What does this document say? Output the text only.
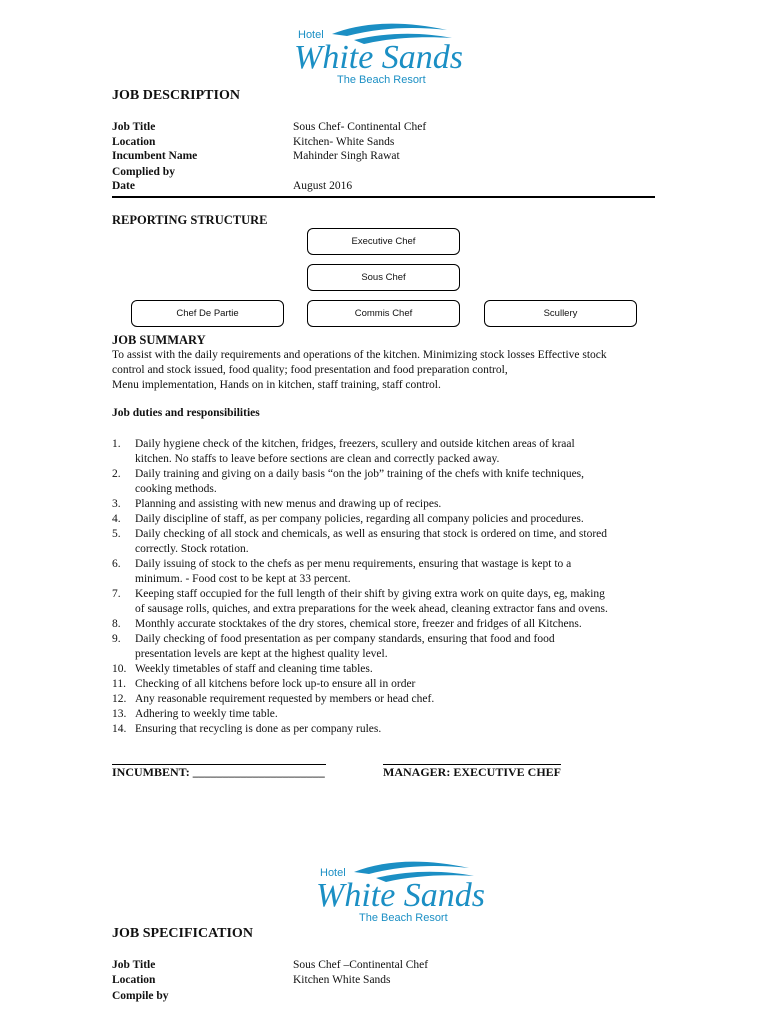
Hotel
White Sands
The Beach Resort
JOB DESCRIPTION
Job Title	Sous Chef- Continental Chef
Location	Kitchen- White Sands
Incumbent Name	Mahinder Singh Rawat
Complied by
Date	August 2016
REPORTING STRUCTURE
Executive Chef
Sous Chef
Chef De Partie	Commis Chef	Scullery
JOB SUMMARY
To assist with the daily requirements and operations of the kitchen. Minimizing stock losses Effective stock
control and stock issued, food quality; food presentation and food preparation control,
Menu implementation, Hands on in kitchen, staff training, staff control.
Job duties and responsibilities
1. Daily hygiene check of the kitchen, fridges, freezers, scullery and outside kitchen areas of kraal
kitchen. No staffs to leave before sections are clean and correctly packed away.
2. Daily training and giving on a daily basis “on the job” training of the chefs with knife techniques,
cooking methods.
3. Planning and assisting with new menus and drawing up of recipes.
4. Daily discipline of staff, as per company policies, regarding all company policies and procedures.
5. Daily checking of all stock and chemicals, as well as ensuring that stock is ordered on time, and stored
correctly. Stock rotation.
6. Daily issuing of stock to the chefs as per menu requirements, ensuring that wastage is kept to a
minimum. - Food cost to be kept at 33 percent.
7. Keeping staff occupied for the full length of their shift by giving extra work on quite days, eg, making
of sausage rolls, quiches, and extra preparations for the week ahead, cleaning extractor fans and ovens.
8. Monthly accurate stocktakes of the dry stores, chemical store, freezer and fridges of all Kitchens.
9. Daily checking of food presentation as per company standards, ensuring that food and food
presentation levels are kept at the highest quality level.
10. Weekly timetables of staff and cleaning time tables.
11. Checking of all kitchens before lock up-to ensure all in order
12. Any reasonable requirement requested by members or head chef.
13. Adhering to weekly time table.
14. Ensuring that recycling is done as per company rules.
INCUMBENT: ______________________	MANAGER: EXECUTIVE CHEF
Hotel
White Sands
The Beach Resort
JOB SPECIFICATION
Job Title	Sous Chef –Continental Chef
Location	Kitchen White Sands
Compile by
